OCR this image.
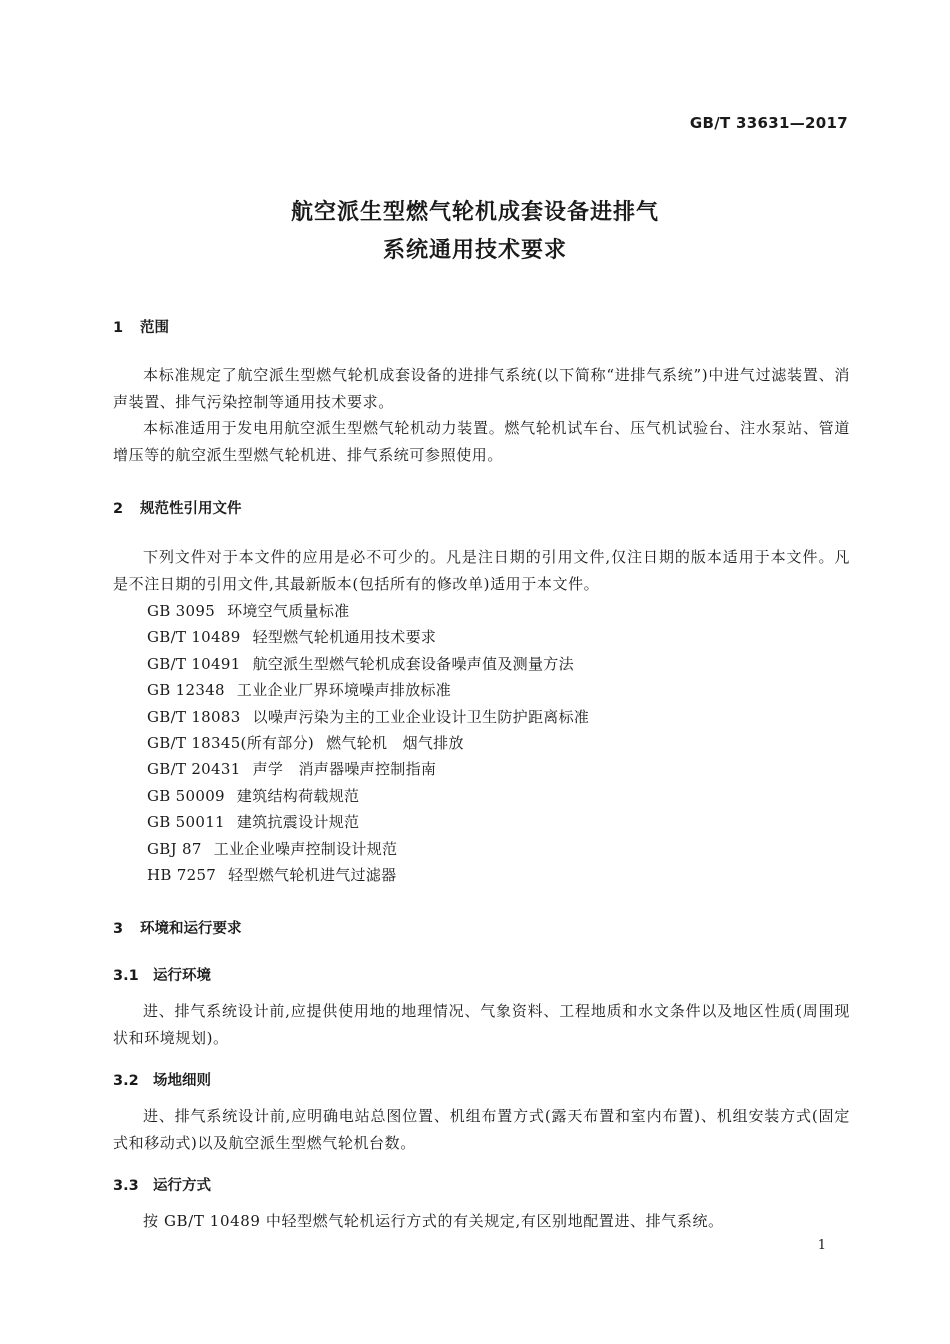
GB/T 33631—2017
航空派生型燃气轮机成套设备进排气
系统通用技术要求
1 范围
本标准规定了航空派生型燃气轮机成套设备的进排气系统(以下简称“进排气系统”)中进气过滤装置、消声装置、排气污染控制等通用技术要求。
本标准适用于发电用航空派生型燃气轮机动力装置。燃气轮机试车台、压气机试验台、注水泵站、管道增压等的航空派生型燃气轮机进、排气系统可参照使用。
2 规范性引用文件
下列文件对于本文件的应用是必不可少的。凡是注日期的引用文件,仅注日期的版本适用于本文件。凡是不注日期的引用文件,其最新版本(包括所有的修改单)适用于本文件。
GB 3095 环境空气质量标准
GB/T 10489 轻型燃气轮机通用技术要求
GB/T 10491 航空派生型燃气轮机成套设备噪声值及测量方法
GB 12348 工业企业厂界环境噪声排放标准
GB/T 18083 以噪声污染为主的工业企业设计卫生防护距离标准
GB/T 18345(所有部分) 燃气轮机　烟气排放
GB/T 20431 声学　消声器噪声控制指南
GB 50009 建筑结构荷载规范
GB 50011 建筑抗震设计规范
GBJ 87 工业企业噪声控制设计规范
HB 7257 轻型燃气轮机进气过滤器
3 环境和运行要求
3.1 运行环境
进、排气系统设计前,应提供使用地的地理情况、气象资料、工程地质和水文条件以及地区性质(周围现状和环境规划)。
3.2 场地细则
进、排气系统设计前,应明确电站总图位置、机组布置方式(露天布置和室内布置)、机组安装方式(固定式和移动式)以及航空派生型燃气轮机台数。
3.3 运行方式
按 GB/T 10489 中轻型燃气轮机运行方式的有关规定,有区别地配置进、排气系统。
1
